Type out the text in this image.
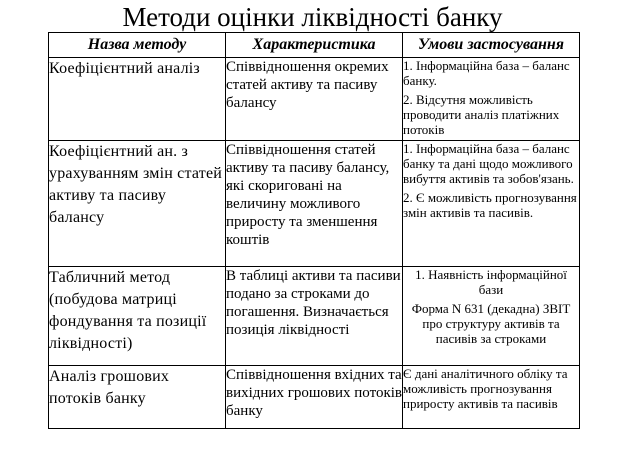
Методи оцінки ліквідності банку
Назва методу	Характеристика	Умови застосування
Коефіцієнтний аналіз	Співвідношення окремих статей активу та пасиву балансу	1. Інформаційна база – баланс банку.
2. Відсутня можливість проводити аналіз платіжних потоків

Коефіцієнтний ан. з урахуванням змін статей активу та пасиву балансу	Співвідношення статей активу та пасиву балансу, які скориговані на величину можливого приросту та зменшення коштів	1. Інформаційна база – баланс банку та дані щодо можливого вибуття активів та зобов'язань.
2. Є можливість прогнозування змін активів та пасивів.

Табличний метод (побудова матриці фондування та позиції ліквідності)	В таблиці активи та пасиви подано за строками до погашення. Визначається позиція ліквідності	1. Наявність інформаційної бази
Форма N 631 (декадна) ЗВІТ про структуру активів та пасивів за строками

Аналіз грошових потоків банку	Співвідношення вхідних та вихідних грошових потоків банку	Є дані аналітичного обліку та можливість прогнозування приросту активів та пасивів
